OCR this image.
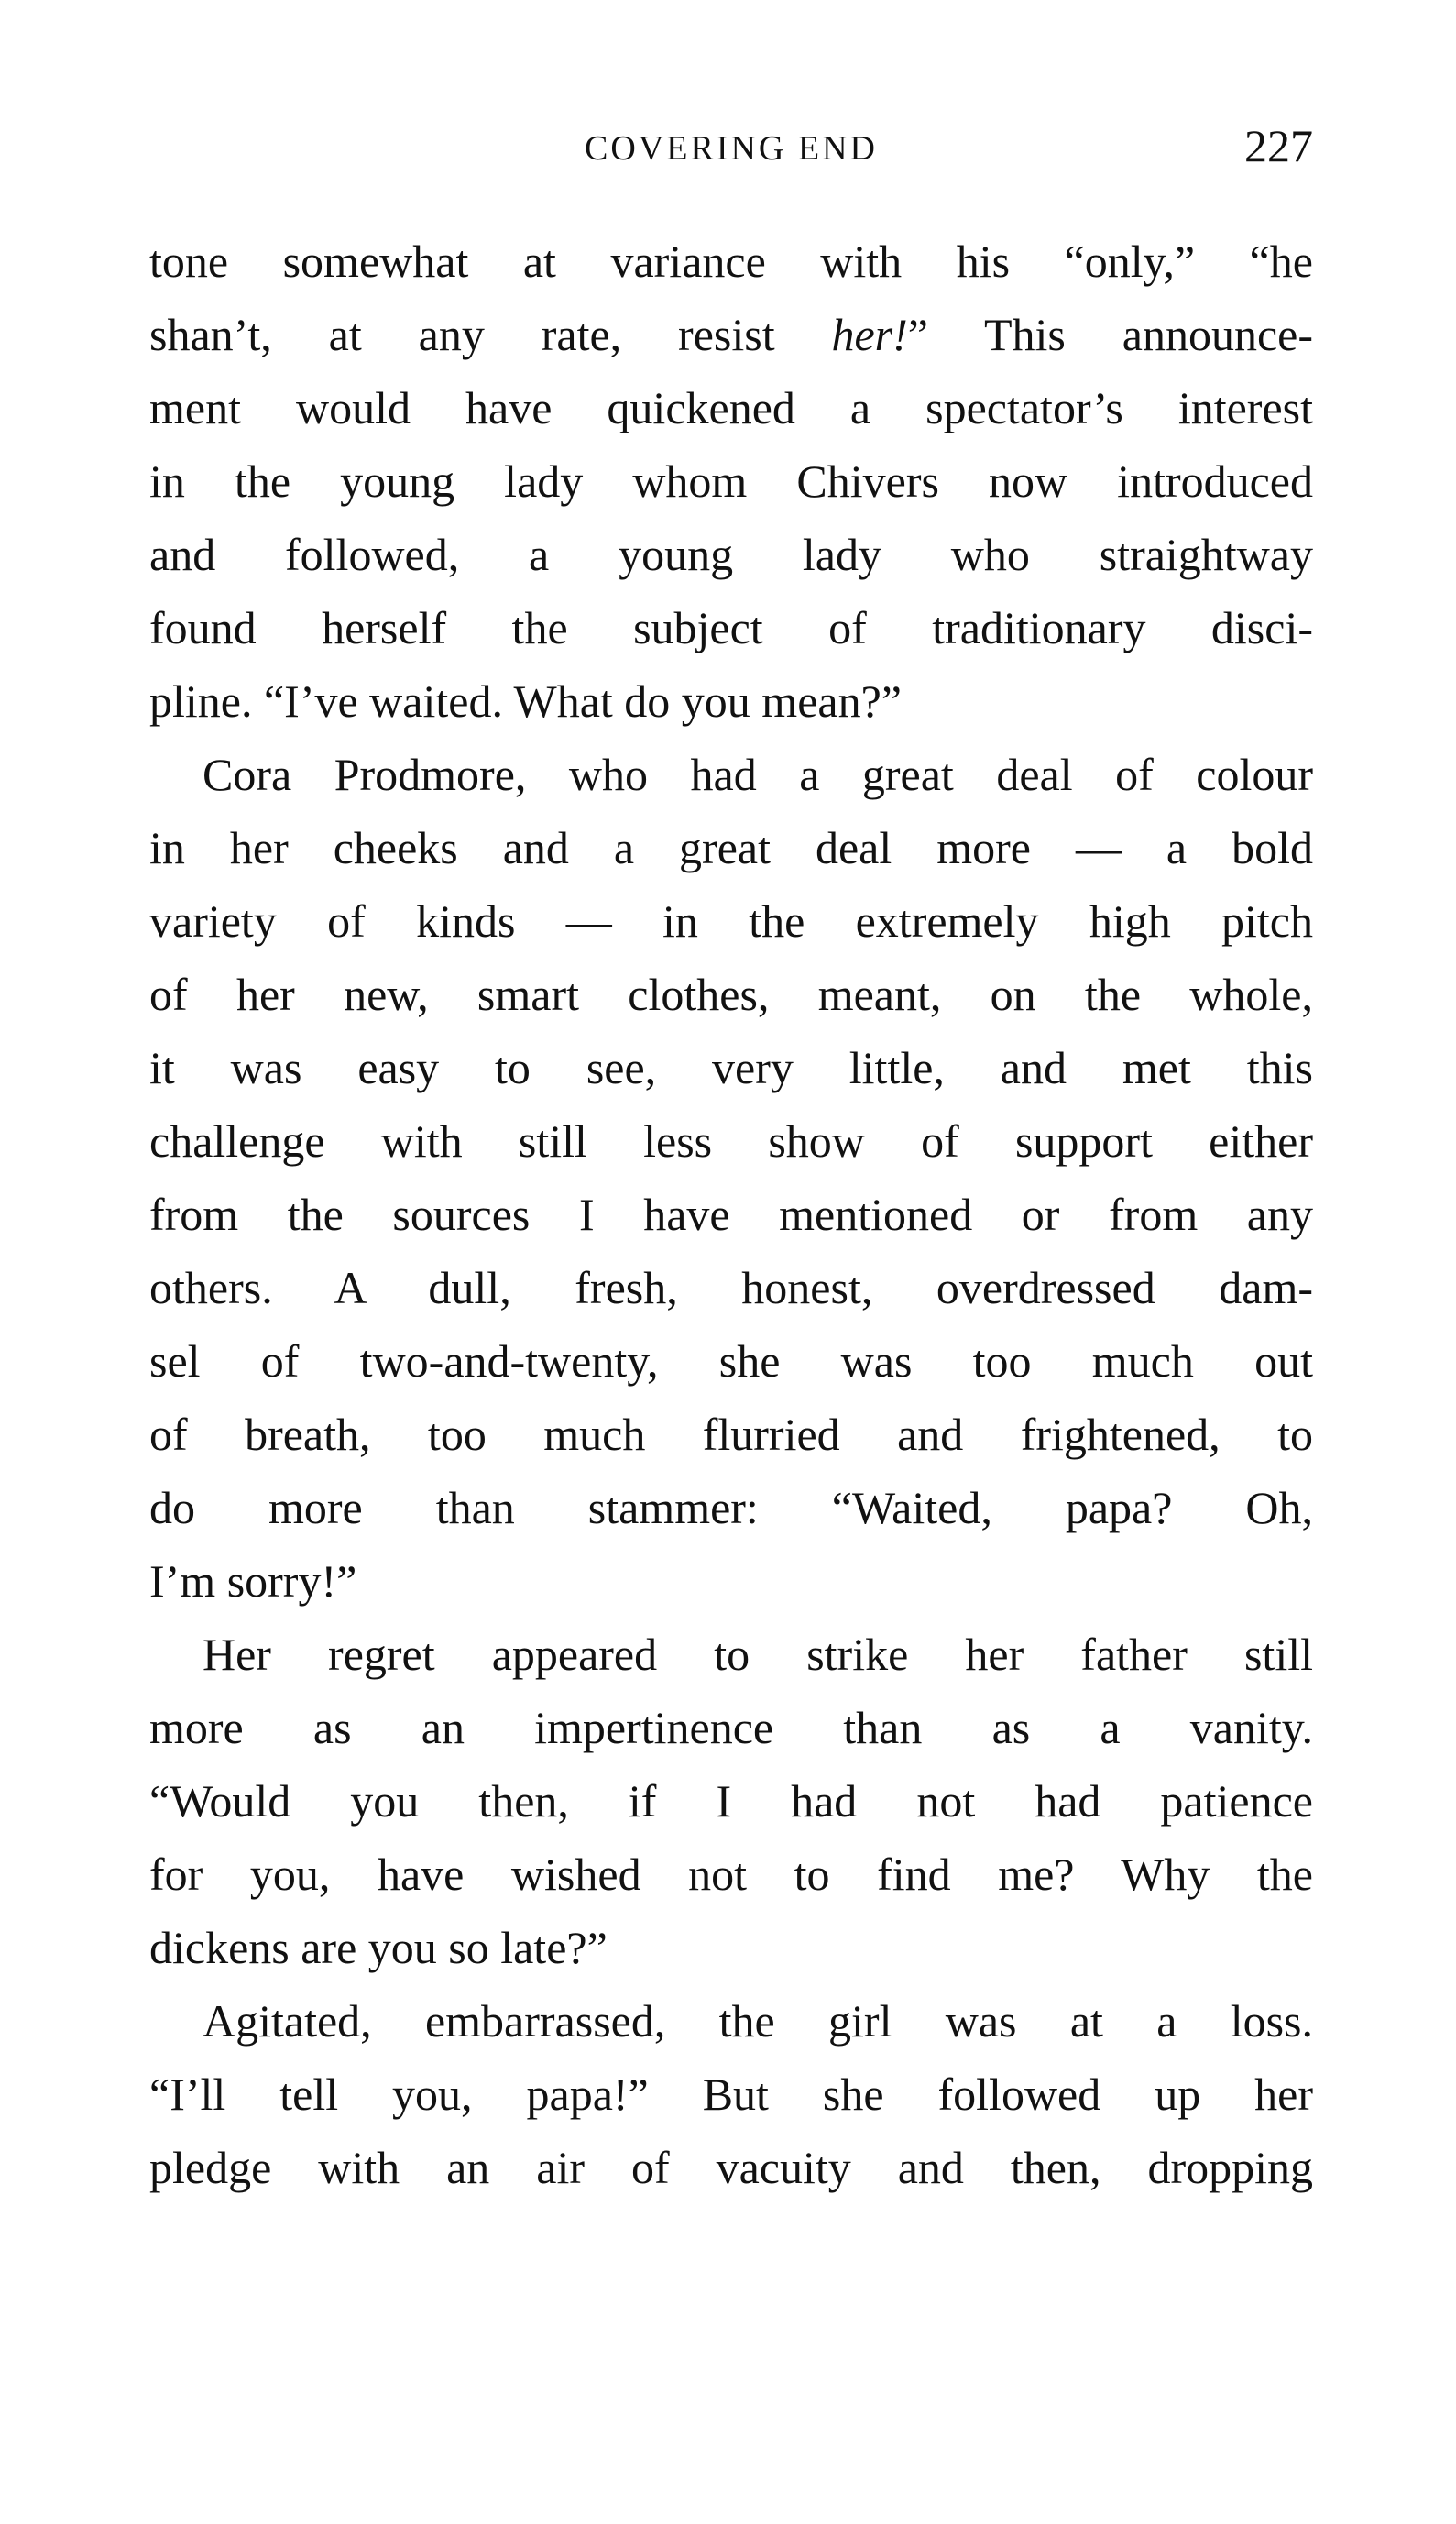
COVERING END	227
tone somewhat at variance with his “only,” “he
shan’t, at any rate, resist her!” This announce-
ment would have quickened a spectator’s interest
in the young lady whom Chivers now introduced
and followed, a young lady who straightway
found herself the subject of traditionary disci-
pline. “I’ve waited. What do you mean?”
Cora Prodmore, who had a great deal of colour
in her cheeks and a great deal more — a bold
variety of kinds — in the extremely high pitch
of her new, smart clothes, meant, on the whole,
it was easy to see, very little, and met this
challenge with still less show of support either
from the sources I have mentioned or from any
others. A dull, fresh, honest, overdressed dam-
sel of two-and-twenty, she was too much out
of breath, too much flurried and frightened, to
do more than stammer: “Waited, papa? Oh,
I’m sorry!”
Her regret appeared to strike her father still
more as an impertinence than as a vanity.
“Would you then, if I had not had patience
for you, have wished not to find me? Why the
dickens are you so late?”
Agitated, embarrassed, the girl was at a loss.
“I’ll tell you, papa!” But she followed up her
pledge with an air of vacuity and then, dropping
